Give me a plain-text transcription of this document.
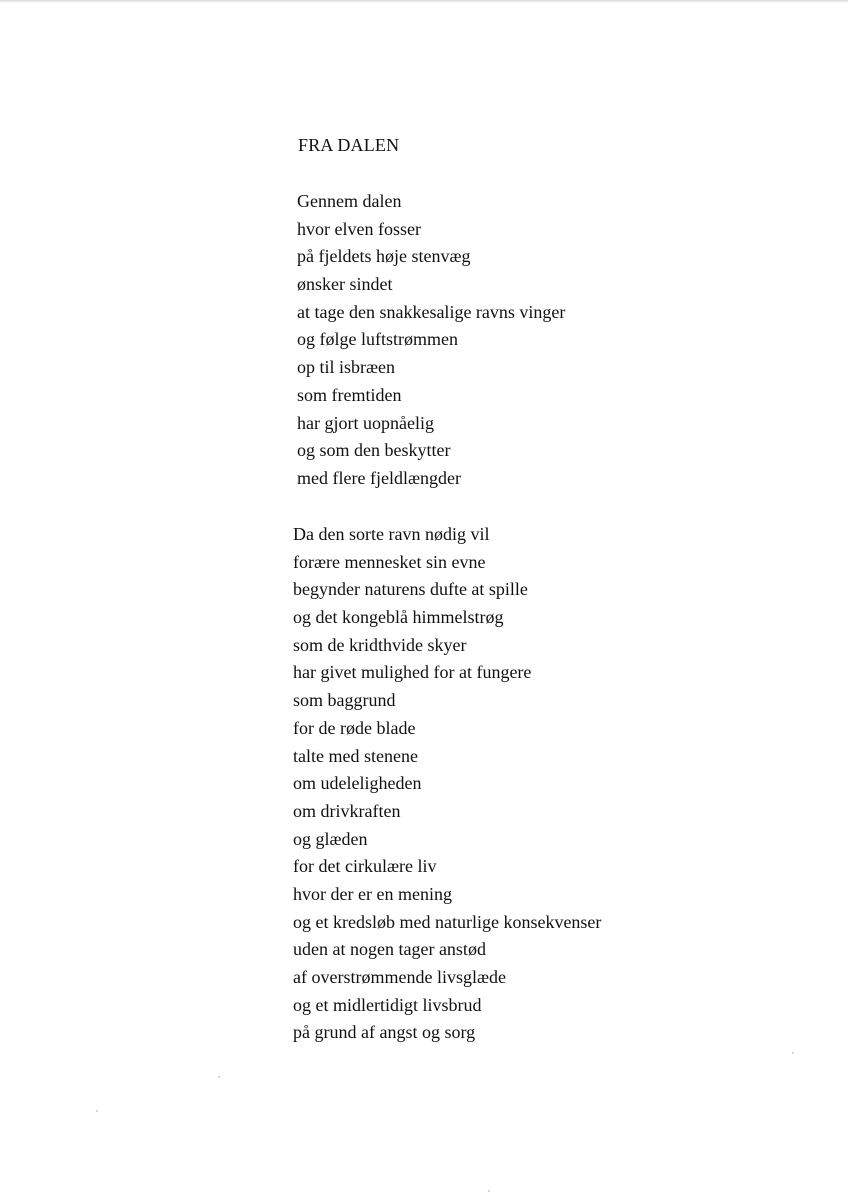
FRA DALEN
Gennem dalen
hvor elven fosser
på fjeldets høje stenvæg
ønsker sindet
at tage den snakkesalige ravns vinger
og følge luftstrømmen
op til isbræen
som fremtiden
har gjort uopnåelig
og som den beskytter
med flere fjeldlængder
Da den sorte ravn nødig vil
forære mennesket sin evne
begynder naturens dufte at spille
og det kongeblå himmelstrøg
som de kridthvide skyer
har givet mulighed for at fungere
som baggrund
for de røde blade
talte med stenene
om udeleligheden
om drivkraften
og glæden
for det cirkulære liv
hvor der er en mening
og et kredsløb med naturlige konsekvenser
uden at nogen tager anstød
af overstrømmende livsglæde
og et midlertidigt livsbrud
på grund af angst og sorg
